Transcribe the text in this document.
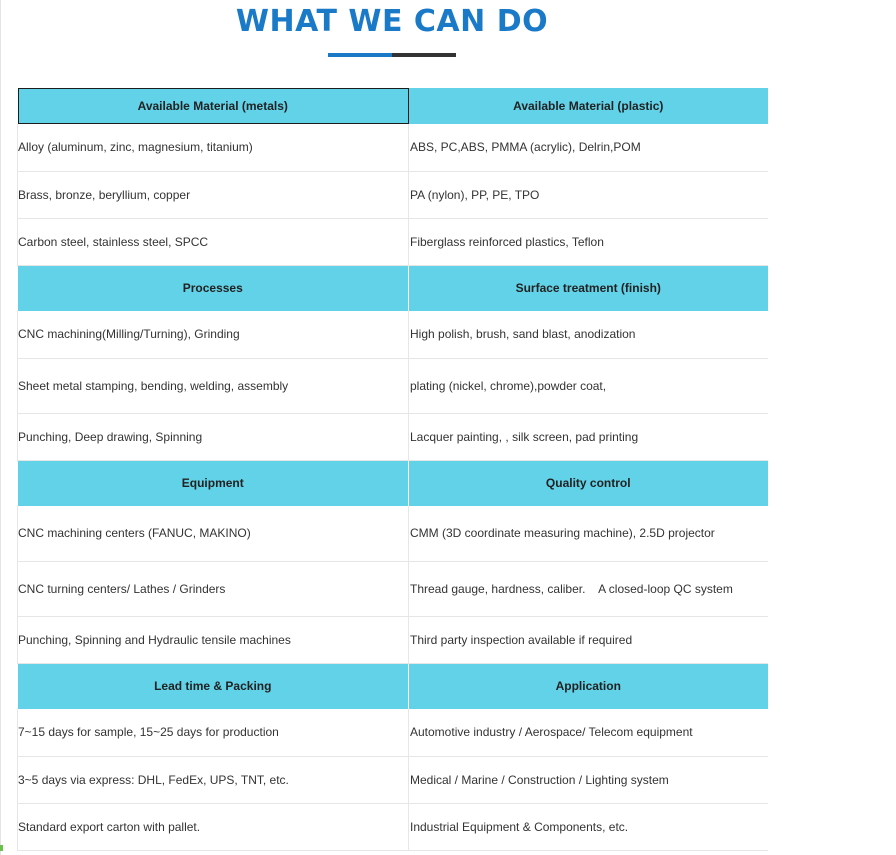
WHAT WE CAN DO
Available Material (metals)	Available Material (plastic)
Alloy (aluminum, zinc, magnesium, titanium)	ABS, PC,ABS, PMMA (acrylic), Delrin,POM
Brass, bronze, beryllium, copper	PA (nylon), PP, PE, TPO
Carbon steel, stainless steel, SPCC	Fiberglass reinforced plastics, Teflon
Processes	Surface treatment (finish)
CNC machining(Milling/Turning), Grinding	High polish, brush, sand blast, anodization
Sheet metal stamping, bending, welding, assembly	plating (nickel, chrome),powder coat,
Punching, Deep drawing, Spinning	Lacquer painting, , silk screen, pad printing
Equipment	Quality control
CNC machining centers (FANUC, MAKINO)	CMM (3D coordinate measuring machine), 2.5D projector
CNC turning centers/ Lathes / Grinders	Thread gauge, hardness, caliber.    A closed-loop QC system
Punching, Spinning and Hydraulic tensile machines	Third party inspection available if required
Lead time & Packing	Application
7~15 days for sample, 15~25 days for production	Automotive industry / Aerospace/ Telecom equipment
3~5 days via express: DHL, FedEx, UPS, TNT, etc.	Medical / Marine / Construction / Lighting system
Standard export carton with pallet.	Industrial Equipment & Components, etc.
